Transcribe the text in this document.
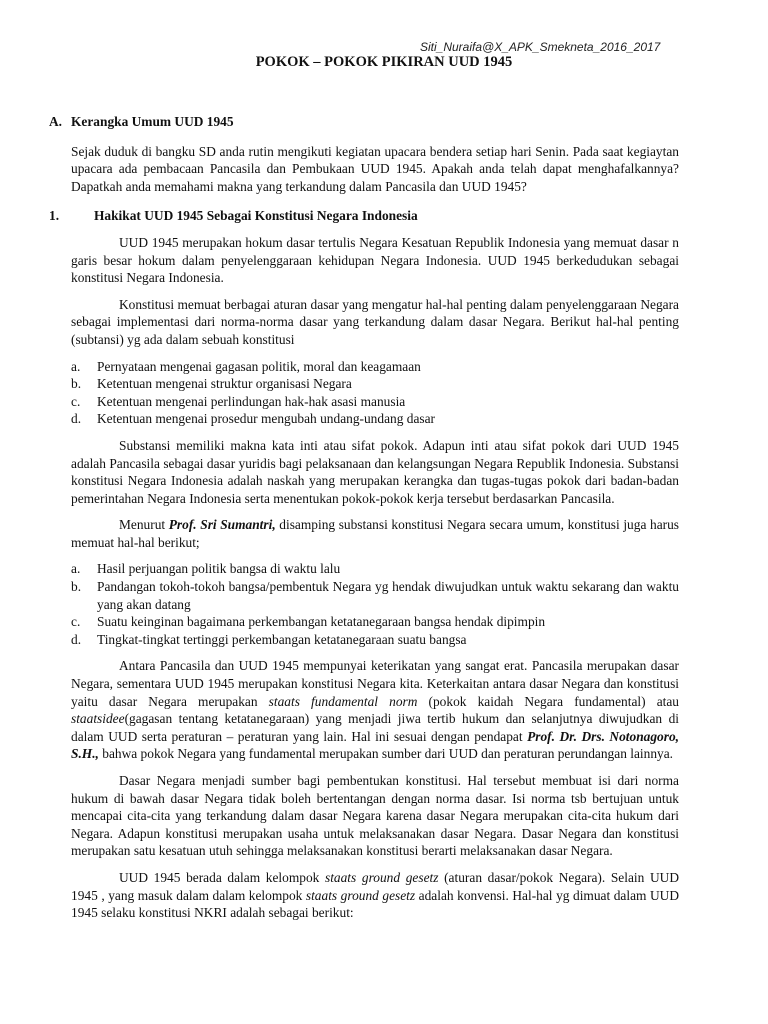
Siti_Nuraifa@X_APK_Smekneta_2016_2017
POKOK – POKOK PIKIRAN UUD 1945
A. Kerangka Umum UUD 1945

Sejak duduk di bangku SD anda rutin mengikuti kegiatan upacara bendera setiap hari Senin. Pada saat kegiaytan upacara ada pembacaan Pancasila dan Pembukaan UUD 1945. Apakah anda telah dapat menghafalkannya? Dapatkah anda memahami makna yang terkandung dalam Pancasila dan UUD 1945?

1.	Hakikat UUD 1945 Sebagai Konstitusi Negara Indonesia

UUD 1945 merupakan hokum dasar tertulis Negara Kesatuan Republik Indonesia yang memuat dasar n garis besar hokum dalam penyelenggaraan kehidupan Negara Indonesia. UUD 1945 berkedudukan sebagai konstitusi Negara Indonesia.

Konstitusi memuat berbagai aturan dasar yang mengatur hal-hal penting dalam penyelenggaraan Negara sebagai implementasi dari norma-norma dasar yang terkandung dalam dasar Negara. Berikut hal-hal penting (subtansi) yg ada dalam sebuah konstitusi

a.	Pernyataan mengenai gagasan politik, moral dan keagamaan
b.	Ketentuan mengenai struktur organisasi Negara
c.	Ketentuan mengenai perlindungan hak-hak asasi manusia
d.	Ketentuan mengenai prosedur mengubah undang-undang dasar

Substansi memiliki makna kata inti atau sifat pokok. Adapun inti atau sifat pokok dari UUD 1945 adalah Pancasila sebagai dasar yuridis bagi pelaksanaan dan kelangsungan Negara Republik Indonesia. Substansi konstitusi Negara Indonesia adalah naskah yang merupakan kerangka dan tugas-tugas pokok dari badan-badan pemerintahan Negara Indonesia serta menentukan pokok-pokok kerja tersebut berdasarkan Pancasila.

Menurut Prof. Sri Sumantri, disamping substansi konstitusi Negara secara umum, konstitusi juga harus memuat hal-hal berikut;

a.	Hasil perjuangan politik bangsa di waktu lalu
b.	Pandangan tokoh-tokoh bangsa/pembentuk Negara yg hendak diwujudkan untuk waktu sekarang dan waktu yang akan datang
c.	Suatu keinginan bagaimana perkembangan ketatanegaraan bangsa hendak dipimpin
d.	Tingkat-tingkat tertinggi perkembangan ketatanegaraan suatu bangsa

Antara Pancasila dan UUD 1945 mempunyai keterikatan yang sangat erat. Pancasila merupakan dasar Negara, sementara UUD 1945 merupakan konstitusi Negara kita. Keterkaitan antara dasar Negara dan konstitusi yaitu dasar Negara merupakan staats fundamental norm (pokok kaidah Negara fundamental) atau staatsidee(gagasan tentang ketatanegaraan) yang menjadi jiwa tertib hukum dan selanjutnya diwujudkan di dalam UUD serta peraturan – peraturan yang lain. Hal ini sesuai dengan pendapat Prof. Dr. Drs. Notonagoro, S.H., bahwa pokok Negara yang fundamental merupakan sumber dari UUD dan peraturan perundangan lainnya.

Dasar Negara menjadi sumber bagi pembentukan konstitusi. Hal tersebut membuat isi dari norma hukum di bawah dasar Negara tidak boleh bertentangan dengan norma dasar. Isi norma tsb bertujuan untuk mencapai cita-cita yang terkandung dalam dasar Negara karena dasar Negara merupakan cita-cita hukum dari Negara. Adapun konstitusi merupakan usaha untuk melaksanakan dasar Negara. Dasar Negara dan konstitusi merupakan satu kesatuan utuh sehingga melaksanakan konstitusi berarti melaksanakan dasar Negara.

UUD 1945 berada dalam kelompok staats ground gesetz (aturan dasar/pokok Negara). Selain UUD 1945 , yang masuk dalam dalam kelompok staats ground gesetz adalah konvensi. Hal-hal yg dimuat dalam UUD 1945 selaku konstitusi NKRI adalah sebagai berikut:
